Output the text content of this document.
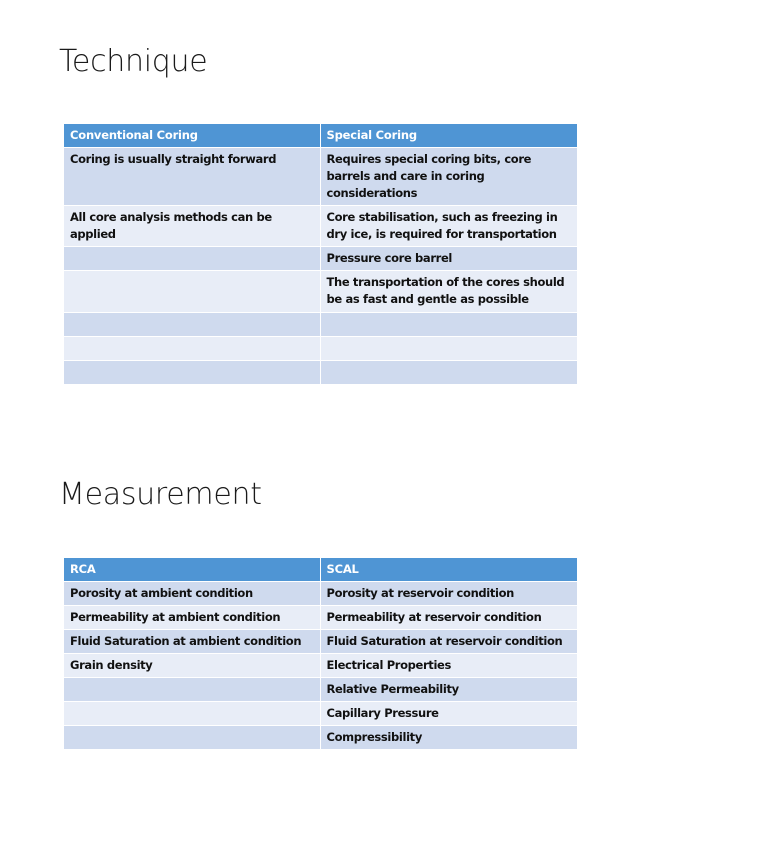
Technique
Conventional Coring	Special Coring
Coring is usually straight forward	Requires special coring bits, core barrels and care in coring considerations
All core analysis methods can be applied	Core stabilisation, such as freezing in dry ice, is required for transportation
	Pressure core barrel
	The transportation of the cores should be as fast and gentle as possible

Measurement
RCA	SCAL
Porosity at ambient condition	Porosity at reservoir condition
Permeability at ambient condition	Permeability at reservoir condition
Fluid Saturation at ambient condition	Fluid Saturation at reservoir condition
Grain density	Electrical Properties
	Relative Permeability
	Capillary Pressure
	Compressibility
